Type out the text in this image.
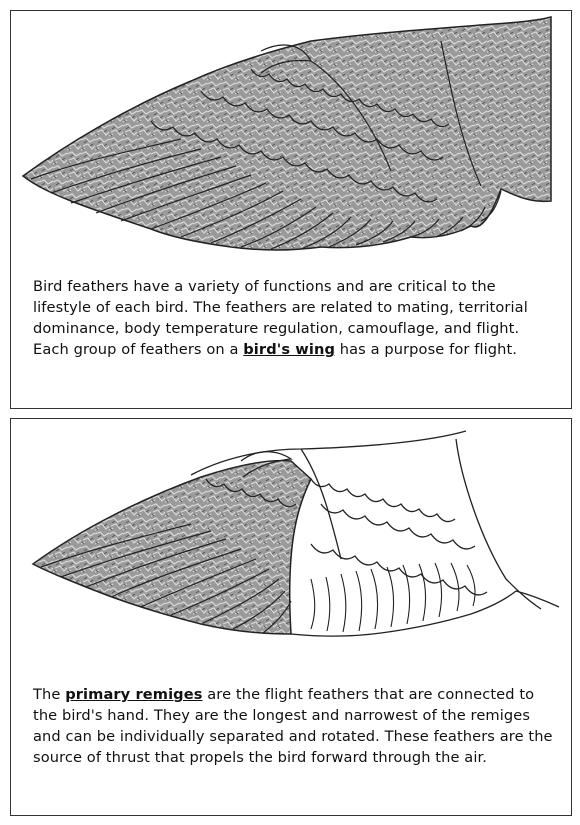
Bird feathers have a variety of functions and are critical to the lifestyle of each bird. The feathers are related to mating, territorial dominance, body temperature regulation, camouflage, and flight. Each group of feathers on a bird's wing has a purpose for flight.
The primary remiges are the flight feathers that are connected to the bird's hand. They are the longest and narrowest of the remiges and can be individually separated and rotated. These feathers are the source of thrust that propels the bird forward through the air.
